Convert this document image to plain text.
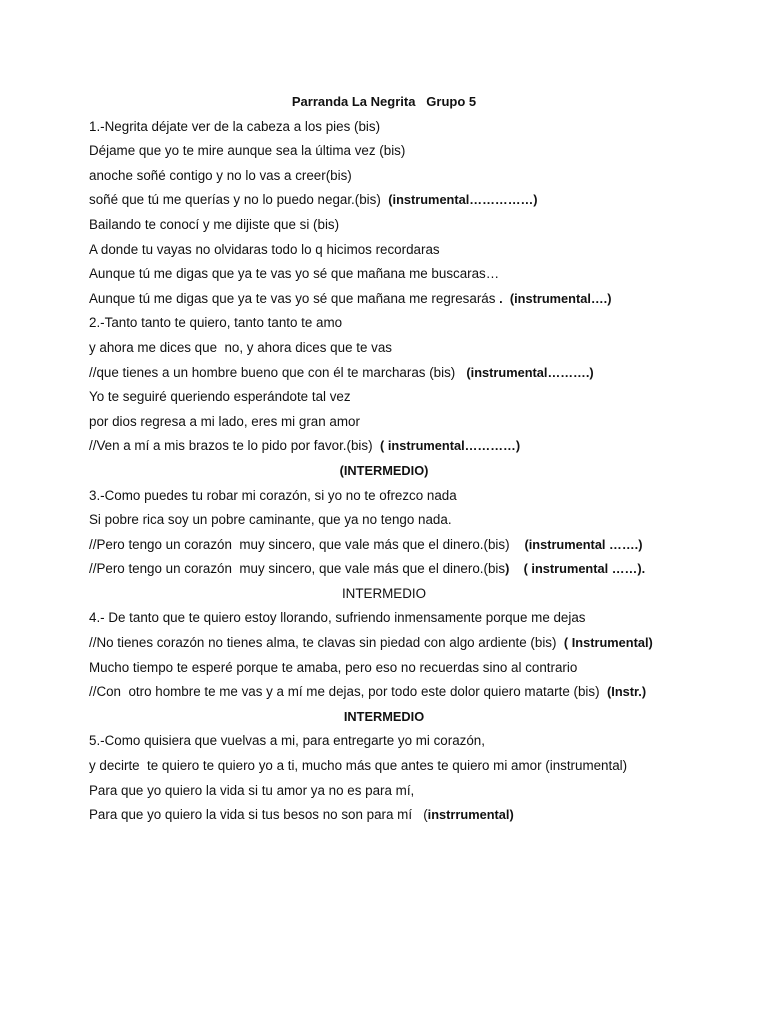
Parranda La Negrita   Grupo 5
1.-Negrita déjate ver de la cabeza a los pies (bis)
Déjame que yo te mire aunque sea la última vez (bis)
anoche soñé contigo y no lo vas a creer(bis)
soñé que tú me querías y no lo puedo negar.(bis)  (instrumental……………)
Bailando te conocí y me dijiste que si (bis)
A donde tu vayas no olvidaras todo lo q hicimos recordaras
Aunque tú me digas que ya te vas yo sé que mañana me buscaras…
Aunque tú me digas que ya te vas yo sé que mañana me regresarás .  (instrumental….)
2.-Tanto tanto te quiero, tanto tanto te amo
y ahora me dices que  no, y ahora dices que te vas
//que tienes a un hombre bueno que con él te marcharas (bis)   (instrumental……….)
Yo te seguiré queriendo esperándote tal vez
por dios regresa a mi lado, eres mi gran amor
//Ven a mí a mis brazos te lo pido por favor.(bis)  ( instrumental…………)
(INTERMEDIO)
3.-Como puedes tu robar mi corazón, si yo no te ofrezco nada
Si pobre rica soy un pobre caminante, que ya no tengo nada.
//Pero tengo un corazón  muy sincero, que vale más que el dinero.(bis)    (instrumental …….)
//Pero tengo un corazón  muy sincero, que vale más que el dinero.(bis)    ( instrumental ……).
INTERMEDIO
4.- De tanto que te quiero estoy llorando, sufriendo inmensamente porque me dejas
//No tienes corazón no tienes alma, te clavas sin piedad con algo ardiente (bis)  ( Instrumental)
Mucho tiempo te esperé porque te amaba, pero eso no recuerdas sino al contrario
//Con  otro hombre te me vas y a mí me dejas, por todo este dolor quiero matarte (bis)  (Instr.)
INTERMEDIO
5.-Como quisiera que vuelvas a mi, para entregarte yo mi corazón,
y decirte  te quiero te quiero yo a ti, mucho más que antes te quiero mi amor (instrumental)
Para que yo quiero la vida si tu amor ya no es para mí,
Para que yo quiero la vida si tus besos no son para mí   (instrrumental)
